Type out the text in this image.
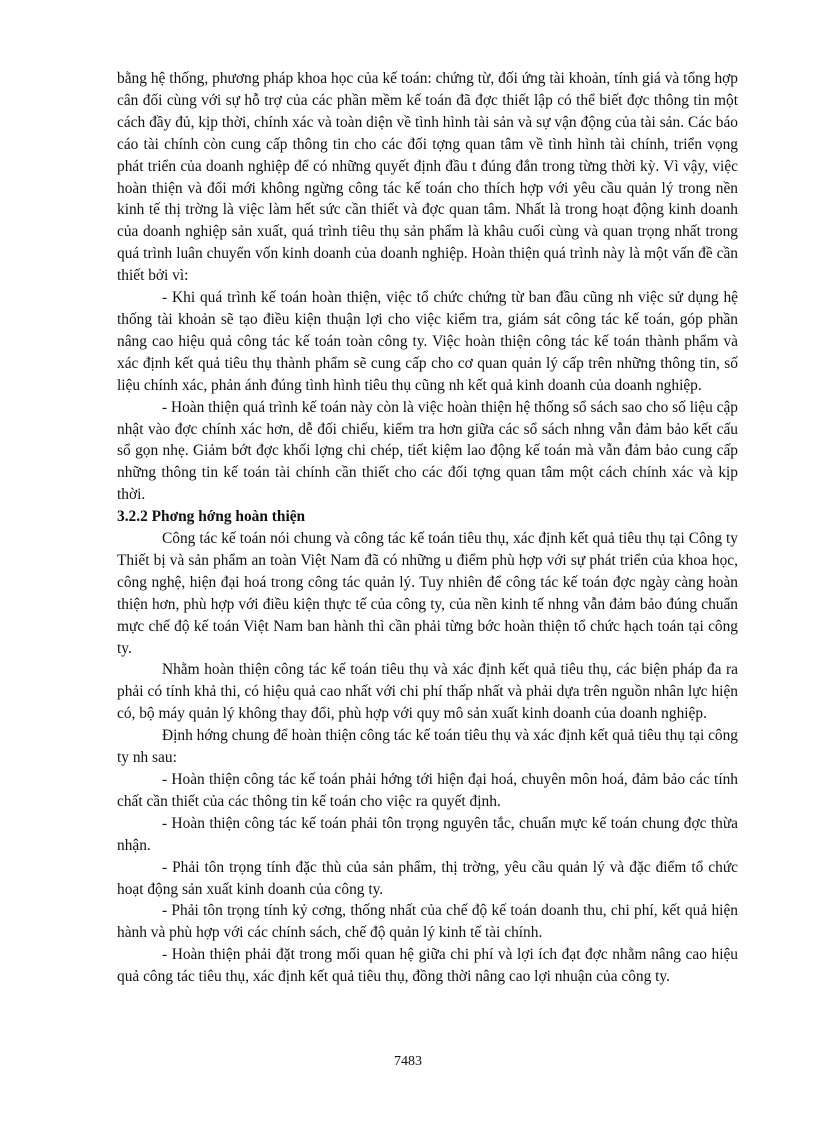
bằng hệ thống, phương pháp khoa học của kế toán: chứng từ, đối ứng tài khoản, tính giá và tổng hợp cân đối cùng với sự hỗ trợ của các phần mềm kế toán đã đợc thiết lập có thể biết đợc thông tin một cách đầy đủ, kịp thời, chính xác và toàn diện về tình hình tài sản và sự vận động của tài sản. Các báo cáo tài chính còn cung cấp thông tin cho các đối tợng quan tâm về tình hình tài chính, triển vọng phát triển của doanh nghiệp để có những quyết định đầu t đúng đắn trong từng thời kỳ. Vì vậy, việc hoàn thiện và đổi mới không ngừng công tác kế toán cho thích hợp với yêu cầu quản lý trong nền kinh tế thị trờng là việc làm hết sức cần thiết và đợc quan tâm. Nhất là trong hoạt động kinh doanh của doanh nghiệp sản xuất, quá trình tiêu thụ sản phẩm là khâu cuối cùng và quan trọng nhất trong quá trình luân chuyển vốn kinh doanh của doanh nghiệp. Hoàn thiện quá trình này là một vấn đề cần thiết bởi vì:

- Khi quá trình kế toán hoàn thiện, việc tổ chức chứng từ ban đầu cũng nh việc sử dụng hệ thống tài khoản sẽ tạo điều kiện thuận lợi cho việc kiểm tra, giám sát công tác kế toán, góp phần nâng cao hiệu quả công tác kế toán toàn công ty. Việc hoàn thiện công tác kế toán thành phẩm và xác định kết quả tiêu thụ thành phẩm sẽ cung cấp cho cơ quan quản lý cấp trên những thông tin, số liệu chính xác, phản ánh đúng tình hình tiêu thụ cũng nh kết quả kinh doanh của doanh nghiệp.

- Hoàn thiện quá trình kế toán này còn là việc hoàn thiện hệ thống sổ sách sao cho số liệu cập nhật vào đợc chính xác hơn, dễ đối chiếu, kiểm tra hơn giữa các sổ sách nhng vẫn đảm bảo kết cấu sổ gọn nhẹ. Giảm bớt đợc khối lợng chi chép, tiết kiệm lao động kế toán mà vẫn đảm bảo cung cấp những thông tin kế toán tài chính cần thiết cho các đối tợng quan tâm một cách chính xác và kịp thời.

3.2.2 Phơng hớng hoàn thiện

Công tác kế toán nói chung và công tác kế toán tiêu thụ, xác định kết quả tiêu thụ tại Công ty Thiết bị và sản phẩm an toàn Việt Nam đã có những u điểm phù hợp với sự phát triển của khoa học, công nghệ, hiện đại hoá trong công tác quản lý. Tuy nhiên để công tác kế toán đợc ngày càng hoàn thiện hơn, phù hợp với điều kiện thực tế của công ty, của nền kinh tế nhng vẫn đảm bảo đúng chuẩn mực chế độ kế toán Việt Nam ban hành thì cần phải từng bớc hoàn thiện tổ chức hạch toán tại công ty.

Nhằm hoàn thiện công tác kế toán tiêu thụ và xác định kết quả tiêu thụ, các biện pháp đa ra phải có tính khả thi, có hiệu quả cao nhất với chi phí thấp nhất và phải dựa trên nguồn nhân lực hiện có, bộ máy quản lý không thay đổi, phù hợp với quy mô sản xuất kinh doanh của doanh nghiệp.

Định hớng chung để hoàn thiện công tác kế toán tiêu thụ và xác định kết quả tiêu thụ tại công ty nh sau:

- Hoàn thiện công tác kế toán phải hớng tới hiện đại hoá, chuyên môn hoá, đảm bảo các tính chất cần thiết của các thông tin kế toán cho việc ra quyết định.

- Hoàn thiện công tác kế toán phải tôn trọng nguyên tắc, chuẩn mực kế toán chung đợc thừa nhận.

- Phải tôn trọng tính đặc thù của sản phẩm, thị trờng, yêu cầu quản lý và đặc điểm tổ chức hoạt động sản xuất kinh doanh của công ty.

- Phải tôn trọng tính kỷ cơng, thống nhất của chế độ kế toán doanh thu, chi phí, kết quả hiện hành và phù hợp với các chính sách, chế độ quản lý kinh tế tài chính.

- Hoàn thiện phải đặt trong mối quan hệ giữa chi phí và lợi ích đạt đợc nhằm nâng cao hiệu quả công tác tiêu thụ, xác định kết quả tiêu thụ, đồng thời nâng cao lợi nhuận của công ty.

7483
